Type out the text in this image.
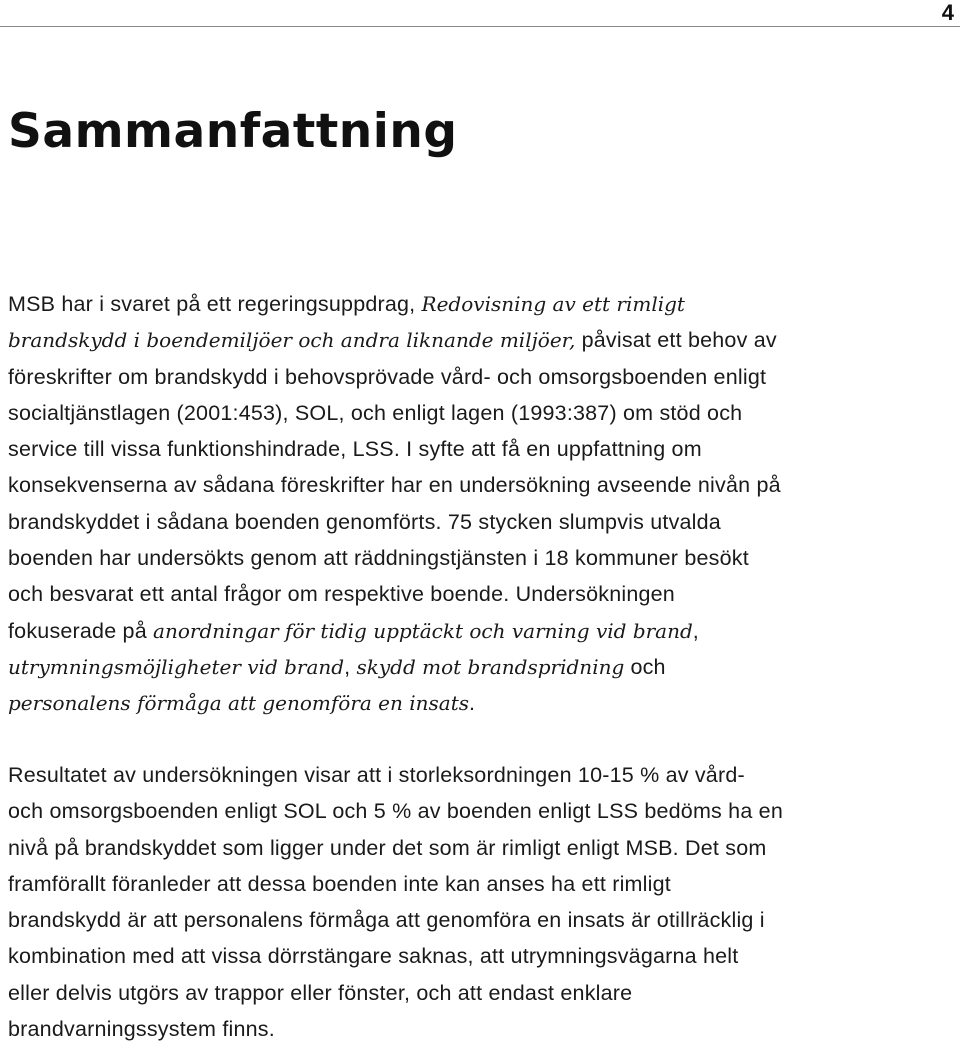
4
Sammanfattning

MSB har i svaret på ett regeringsuppdrag, Redovisning av ett rimligt
brandskydd i boendemiljöer och andra liknande miljöer, påvisat ett behov av
föreskrifter om brandskydd i behovsprövade vård- och omsorgsboenden enligt
socialtjänstlagen (2001:453), SOL, och enligt lagen (1993:387) om stöd och
service till vissa funktionshindrade, LSS. I syfte att få en uppfattning om
konsekvenserna av sådana föreskrifter har en undersökning avseende nivån på
brandskyddet i sådana boenden genomförts. 75 stycken slumpvis utvalda
boenden har undersökts genom att räddningstjänsten i 18 kommuner besökt
och besvarat ett antal frågor om respektive boende. Undersökningen
fokuserade på anordningar för tidig upptäckt och varning vid brand,
utrymningsmöjligheter vid brand, skydd mot brandspridning och
personalens förmåga att genomföra en insats.

Resultatet av undersökningen visar att i storleksordningen 10-15 % av vård-
och omsorgsboenden enligt SOL och 5 % av boenden enligt LSS bedöms ha en
nivå på brandskyddet som ligger under det som är rimligt enligt MSB. Det som
framförallt föranleder att dessa boenden inte kan anses ha ett rimligt
brandskydd är att personalens förmåga att genomföra en insats är otillräcklig i
kombination med att vissa dörrstängare saknas, att utrymningsvägarna helt
eller delvis utgörs av trappor eller fönster, och att endast enklare
brandvarningssystem finns.
